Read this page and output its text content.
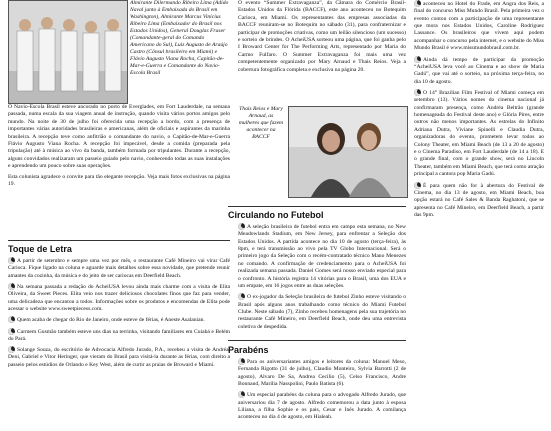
Almirante Dilermando Ribeiro Lima (Adido Naval junto à Embaixada do Brasil em Washington), Almirante Marcus Vinícius Ribeiro Lima (Embaixador do Brasil nos Estados Unidos), General Douglas Fraser (Comandante-geral do Comando Americano do Sul), Luiz Augusto de Araújo Castro (Cônsul brasileiro em Miami) e Flávio Augusto Viana Rocha, Capitão-de-Mar-e-Guerra e Comandante do Navio-Escola Brasil

O Navio-Escola Brasil esteve ancorado no porto de Everglades, em Fort Lauderdale, na semana passada, numa escala da sua viagem anual de instrução, quando visita vários portos amigos pelo mundo. Na noite de 30 de julho foi oferecida uma recepção a bordo, com a presença de importantes várias autoridades brasileiras e americanas, além de oficiais e aspirantes da marinha brasileira. A recepção teve como anfitrião o comandante do navio, o Capitão-de-Mar-e-Guerra Flávio Augusto Viana Rocha. A recepção foi impecável, desde a comida (preparada pela tripulação) até à música ao vivo da banda, também formada por tripulantes. Durante a recepção, alguns convidados realizaram um passeio guiado pelo navio, conhecendo todas as suas instalações e aprendendo um pouco sobre suas operações.

Esta colunista agradece o convite para tão elegante recepção. Veja mais fotos exclusivas na página 19.

Toque de Letra

A partir de setembro e sempre uma vez por mês, o restaurante Café Mineiro vai virar Café Carioca. Fique ligado na coluna e aguarde mais detalhes sobre essa novidade, que pretende reunir amantes da cozinha, da música e do jeito de ser cariocas em Deerfield Beach.

Na semana passada a redação do AcheiUSA levou ainda mais charme com a visita de Elita Oliveira, da Sweet Pieces. Elita veio nos trazer deliciosos chocolates finos que faz para vender, uma delicadeza que encantou a todos. Informações sobre os produtos e encomendas de Elita pode acessar o website www.sweetpiecess.com.

Quem acaba de chegar do Rio de Janeiro, onde esteve de férias, é Aneste Asalanian.

Carmem Gusmão também esteve uns dias na terrinha, visitando familiares em Cuiabá e Belém do Pará.

Solange Souza, do escritório de Advocacia Alfredo Jurado, P.A., recebeu a visita de Andréa, Deni, Gabriel e Vitor Heringer, que vieram do Brasil para visitá-la durante as férias, com direito a passeio pelos estúdios de Orlando e Key West, além de curtir as praias de Broward e Miami.

O evento “Summer Extravaganza”, da Câmara do Comércio Brasil-Estados Unidos da Flórida (BACCF), este ano aconteceu no Botequim Carioca, em Miami. Os representantes das empresas associadas da BACCF reuniram-se no Botequim no sábado (31), para confraternizar e participar de promoções criativas, como um leilão silencioso (um sucesso) e sorteio de brindes. O AcheiUSA sorteou uma página, que foi ganha pelo I Broward Center for The Performing Arts, representado por Maria do Carmo Fulfaro. O Summer Extravaganza foi mais uma vez competentemente organizado por Mary Arnaud e Thais Reios. Veja a cobertura fotográfica completa e exclusiva na página 20.

Thais Reios e Mary Arnaud, as mulheres que fazem acontecer na BACCF

Circulando no Futebol

A seleção brasileira de futebol entra em campo esta semana, no New Meadowlands Stadium, em New Jersey, para enfrentar a Seleção dos Estados Unidos. A partida acontece no dia 10 de agosto (terça-feira), às 8pm, e terá transmissão ao vivo pela TV Globo Internacional. Será o primeiro jogo da Seleção com o recém-contratado técnico Mano Menezes no comando. A confirmação de credenciamento para o AcheiUSA foi realizada semana passada. Daniel Gomes será nosso enviado especial para o confronto. A história registra 14 vitórias para o Brasil, uma dos EUA e um empate, em 16 jogos entre as duas seleções.

O ex-jogador da Seleção brasileira de futebol Zinho esteve visitando o Brasil após alguns anos trabalhando como técnico do Miami Futebol Clube. Neste sábado (7), Zinho recebeu homenagens pela sua trajetória no restaurante Café Mineiro, em Deerfield Beach, onde deu uma entrevista coletiva de despedida.

Parabéns

Para os aniversariantes amigos e leitores da coluna: Manuel Meso, Fernanda Rigotto (31 de julho), Claudio Monteiro, Sylvia Barrotti (2 de agosto), Alvaro De Sa, Andrea Cecilio (5), Celso Francisco, Andre Bonnaud, Marilia Nasspolini, Paulo Batista (6).

Um especial parabéns da coluna para o advogado Alfredo Jurado, que aniversariou dia 7 de agosto. Alfredo comemorou a data junto à esposa Liliana, a filha Sophie e os pais, Cesar e Inês Jurado. A comilança aconteceu no dia 4 de agosto, em Hialeah.

aconteceu no Hotel do Frade, em Angra dos Reis, a final do concurso Miss Mundo Brasil. Pela primeira vez o evento contou com a participação de uma representante que mora nos Estados Unidos, Caroline Rodriguez Lassance. Os brasileiros que vivem aqui podem acompanhar o concurso pela internet, e o website do Miss Mundo Brasil é www.missmundobrasil.com.br.

Ainda dá tempo de participar da promoção “AcheiUSA leva você ao Cinema e ao show de Maria Gadú”, que vai até o sorteio, na próxima terça-feira, no dia 10 de agosto.

O 14° Brazilian Film Festival of Miami começa em setembro (13). Vários nomes do cinema nacional já confirmaram presença, como Andréa Beltrão (grande homenageada do Festival deste ano) e Glória Pires, entre outros não menos importantes. As estrelas do Infinito Adriana Dutra, Viviane Spinelli e Claudia Dutra, organizadoras do evento, prometem levar todos ao Colony Theater, em Miami Beach (de 13 a 20 de agosto) e o Cinema Paradiso, em Fort Lauderdale (de 14 a 18). E o grande final, com o grande show, será no Lincoln Theater, também em Miami Beach, que terá como atração principal a cantora pop Maria Gadú.

É para quem não for à abertura do Festival de Cinema, no dia 13 de agosto, em Miami Beach, boa opção estará no Café Sales & Banda Raghatoni, que se apresenta no Café Mineiro, em Deerfield Beach, a partir das 9pm.
